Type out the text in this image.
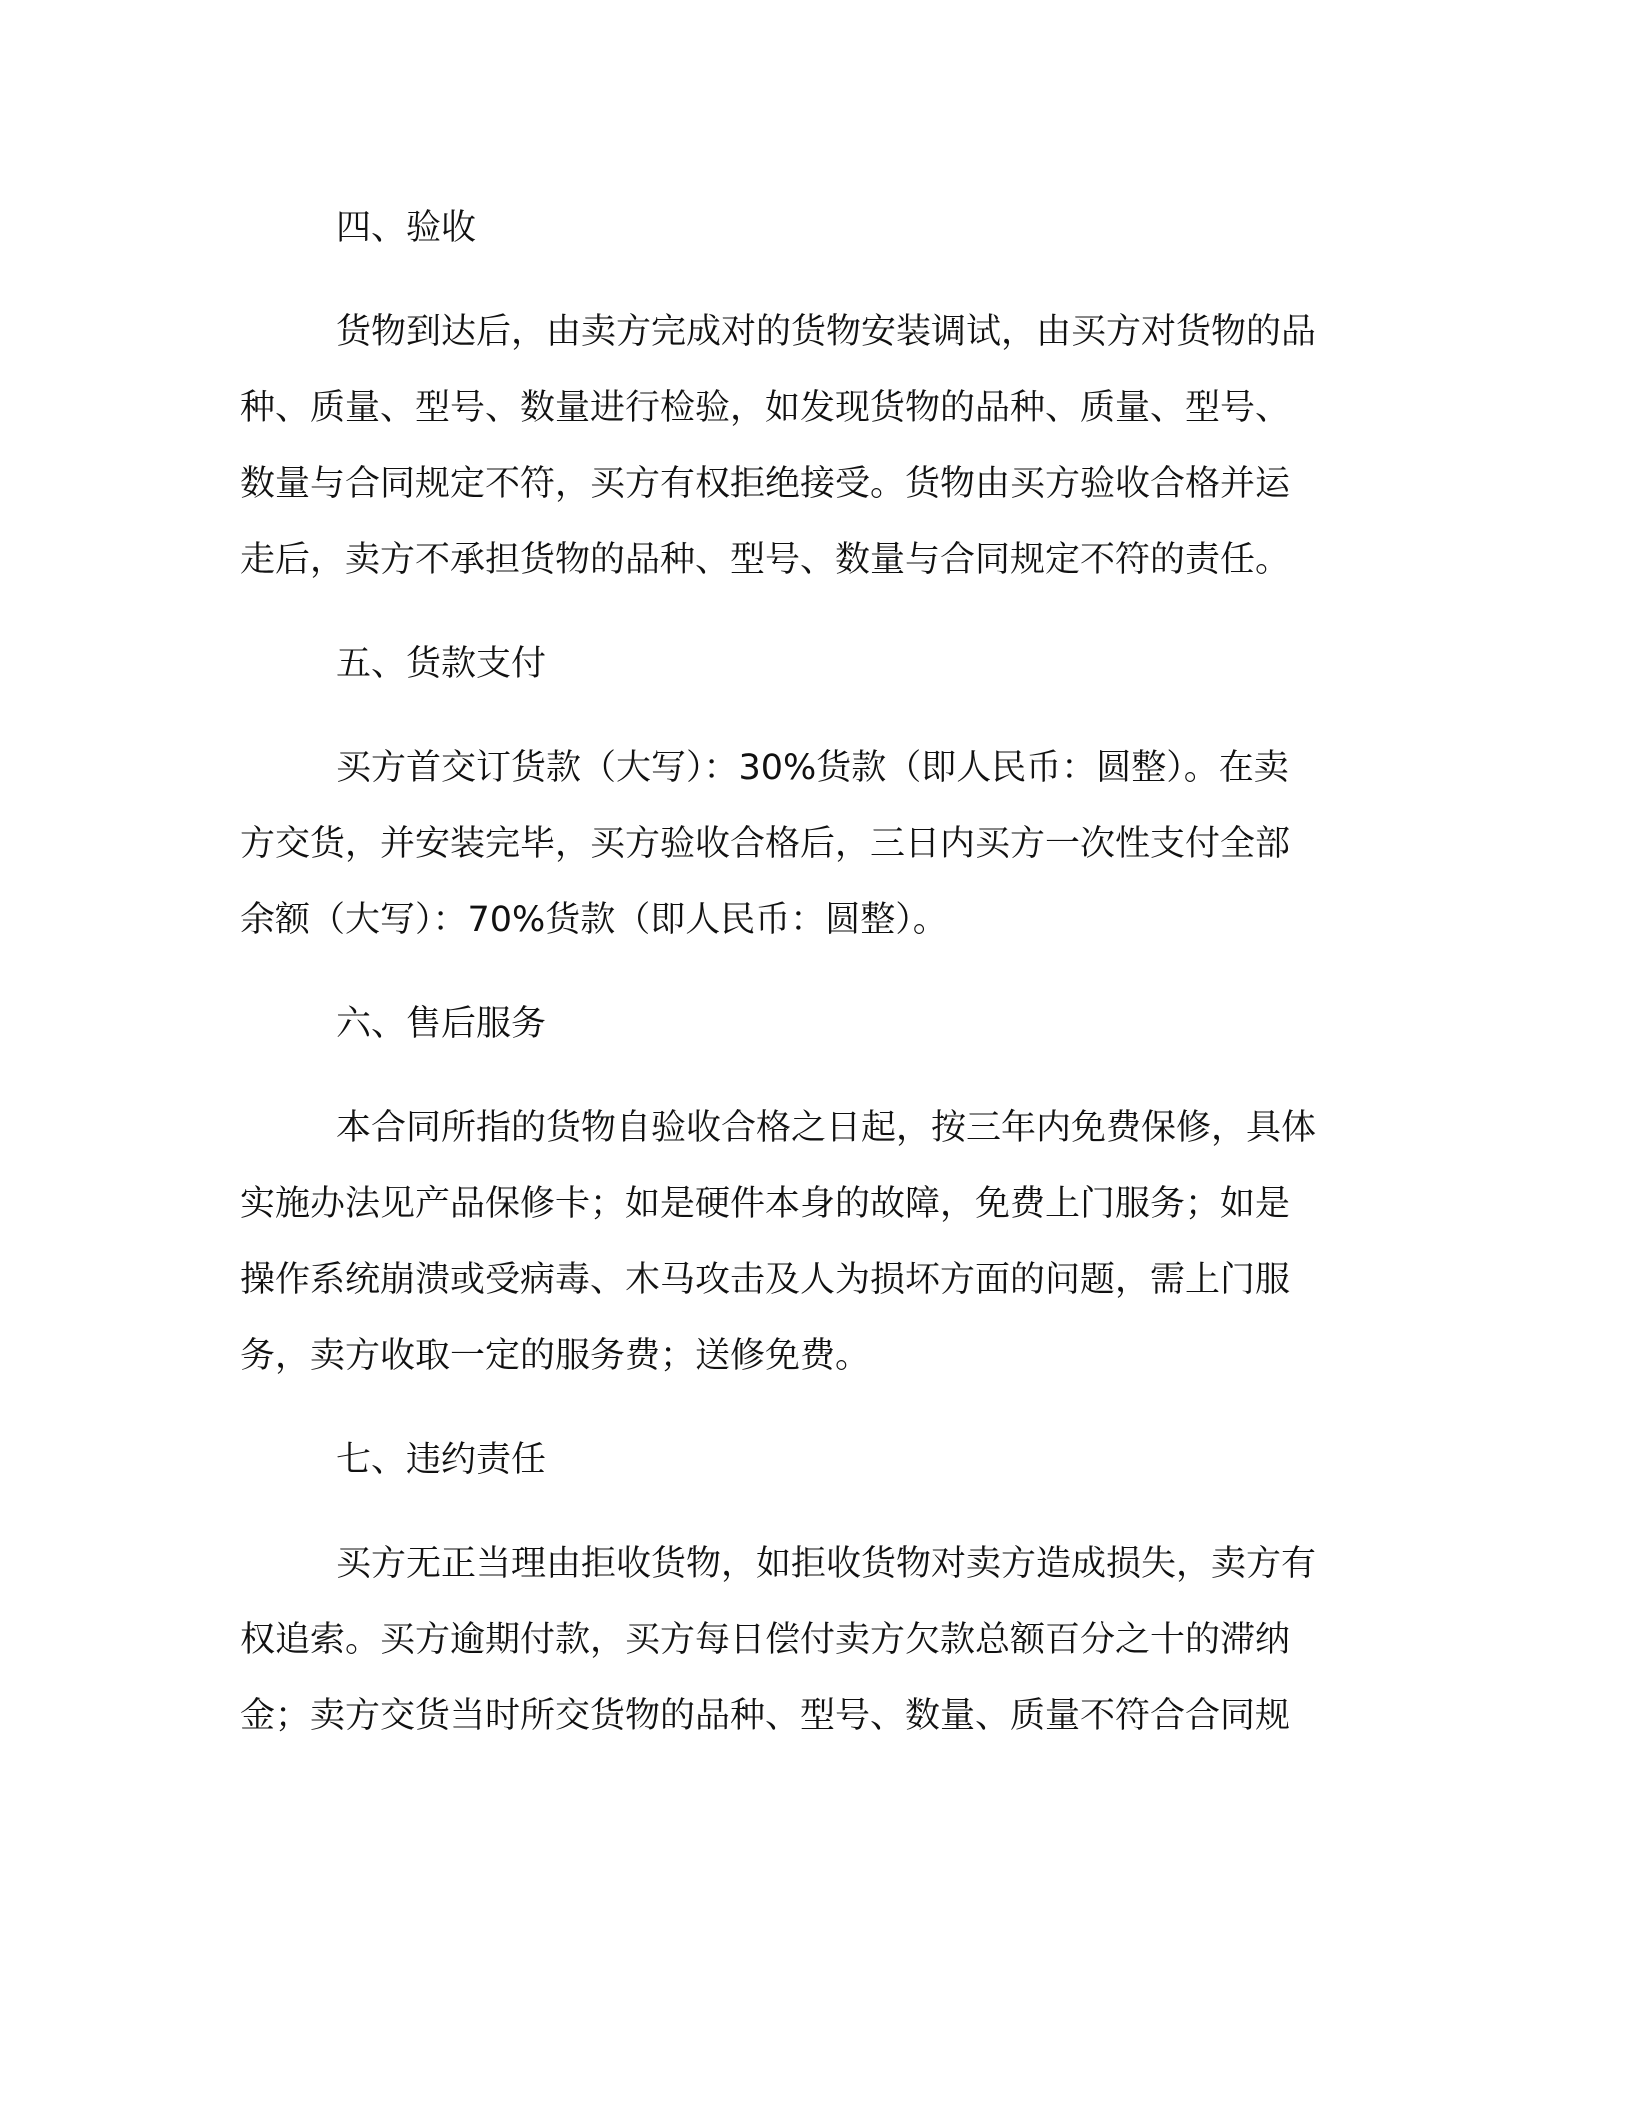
四、验收
货物到达后，由卖方完成对的货物安装调试，由买方对货物的品
种、质量、型号、数量进行检验，如发现货物的品种、质量、型号、
数量与合同规定不符，买方有权拒绝接受。货物由买方验收合格并运
走后，卖方不承担货物的品种、型号、数量与合同规定不符的责任。
五、货款支付
买方首交订货款（大写）：30%货款（即人民币：圆整）。在卖
方交货，并安装完毕，买方验收合格后，三日内买方一次性支付全部
余额（大写）：70%货款（即人民币：圆整）。
六、售后服务
本合同所指的货物自验收合格之日起，按三年内免费保修，具体
实施办法见产品保修卡；如是硬件本身的故障，免费上门服务；如是
操作系统崩溃或受病毒、木马攻击及人为损坏方面的问题，需上门服
务，卖方收取一定的服务费；送修免费。
七、违约责任
买方无正当理由拒收货物，如拒收货物对卖方造成损失，卖方有
权追索。买方逾期付款，买方每日偿付卖方欠款总额百分之十的滞纳
金；卖方交货当时所交货物的品种、型号、数量、质量不符合合同规
